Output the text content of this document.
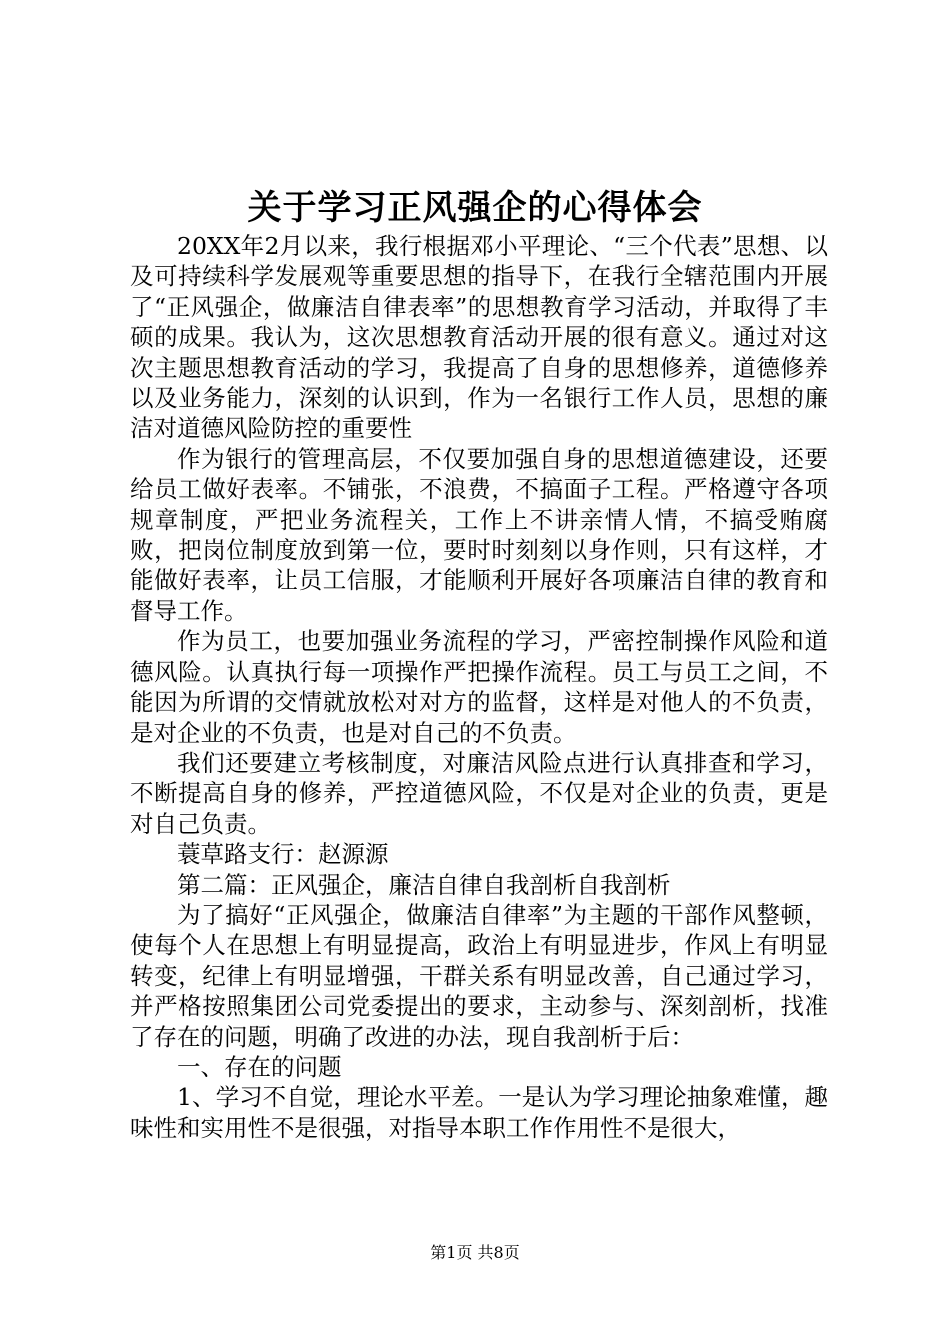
关于学习正风强企的心得体会

20XX年2月以来，我行根据邓小平理论、“三个代表”思想、以及可持续科学发展观等重要思想的指导下，在我行全辖范围内开展了“正风强企，做廉洁自律表率”的思想教育学习活动，并取得了丰硕的成果。我认为，这次思想教育活动开展的很有意义。通过对这次主题思想教育活动的学习，我提高了自身的思想修养，道德修养以及业务能力，深刻的认识到，作为一名银行工作人员，思想的廉洁对道德风险防控的重要性

作为银行的管理高层，不仅要加强自身的思想道德建设，还要给员工做好表率。不铺张，不浪费，不搞面子工程。严格遵守各项规章制度，严把业务流程关，工作上不讲亲情人情，不搞受贿腐败，把岗位制度放到第一位，要时时刻刻以身作则，只有这样，才能做好表率，让员工信服，才能顺利开展好各项廉洁自律的教育和督导工作。

作为员工，也要加强业务流程的学习，严密控制操作风险和道德风险。认真执行每一项操作严把操作流程。员工与员工之间，不能因为所谓的交情就放松对对方的监督，这样是对他人的不负责，是对企业的不负责，也是对自己的不负责。

我们还要建立考核制度，对廉洁风险点进行认真排查和学习，不断提高自身的修养，严控道德风险，不仅是对企业的负责，更是对自己负责。

蓑草路支行：赵源源

第二篇：正风强企，廉洁自律自我剖析自我剖析

为了搞好“正风强企，做廉洁自律率”为主题的干部作风整顿，使每个人在思想上有明显提高，政治上有明显进步，作风上有明显转变，纪律上有明显增强，干群关系有明显改善，自己通过学习，并严格按照集团公司党委提出的要求，主动参与、深刻剖析，找准了存在的问题，明确了改进的办法，现自我剖析于后：

一、存在的问题

1、学习不自觉，理论水平差。一是认为学习理论抽象难懂，趣味性和实用性不是很强，对指导本职工作作用性不是很大，

第1页 共8页
